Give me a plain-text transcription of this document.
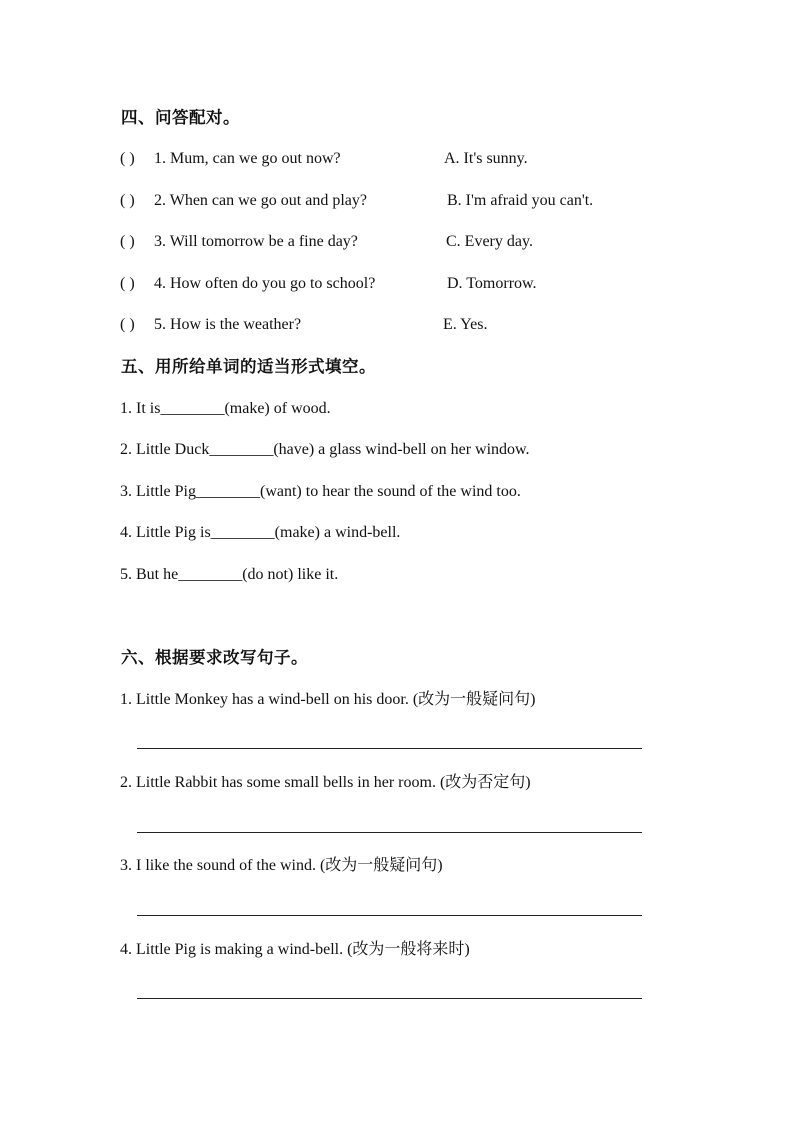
四、问答配对。
( ) 1. Mum, can we go out now?	A. It's sunny.
( ) 2. When can we go out and play?	B. I'm afraid you can't.
( ) 3. Will tomorrow be a fine day?	C. Every day.
( ) 4. How often do you go to school?	D. Tomorrow.
( ) 5. How is the weather?	E. Yes.
五、用所给单词的适当形式填空。
1. It is________(make) of wood.
2. Little Duck________(have) a glass wind-bell on her window.
3. Little Pig________(want) to hear the sound of the wind too.
4. Little Pig is________(make) a wind-bell.
5. But he________(do not) like it.
六、根据要求改写句子。
1. Little Monkey has a wind-bell on his door. (改为一般疑问句)
2. Little Rabbit has some small bells in her room. (改为否定句)
3. I like the sound of the wind. (改为一般疑问句)
4. Little Pig is making a wind-bell. (改为一般将来时)
